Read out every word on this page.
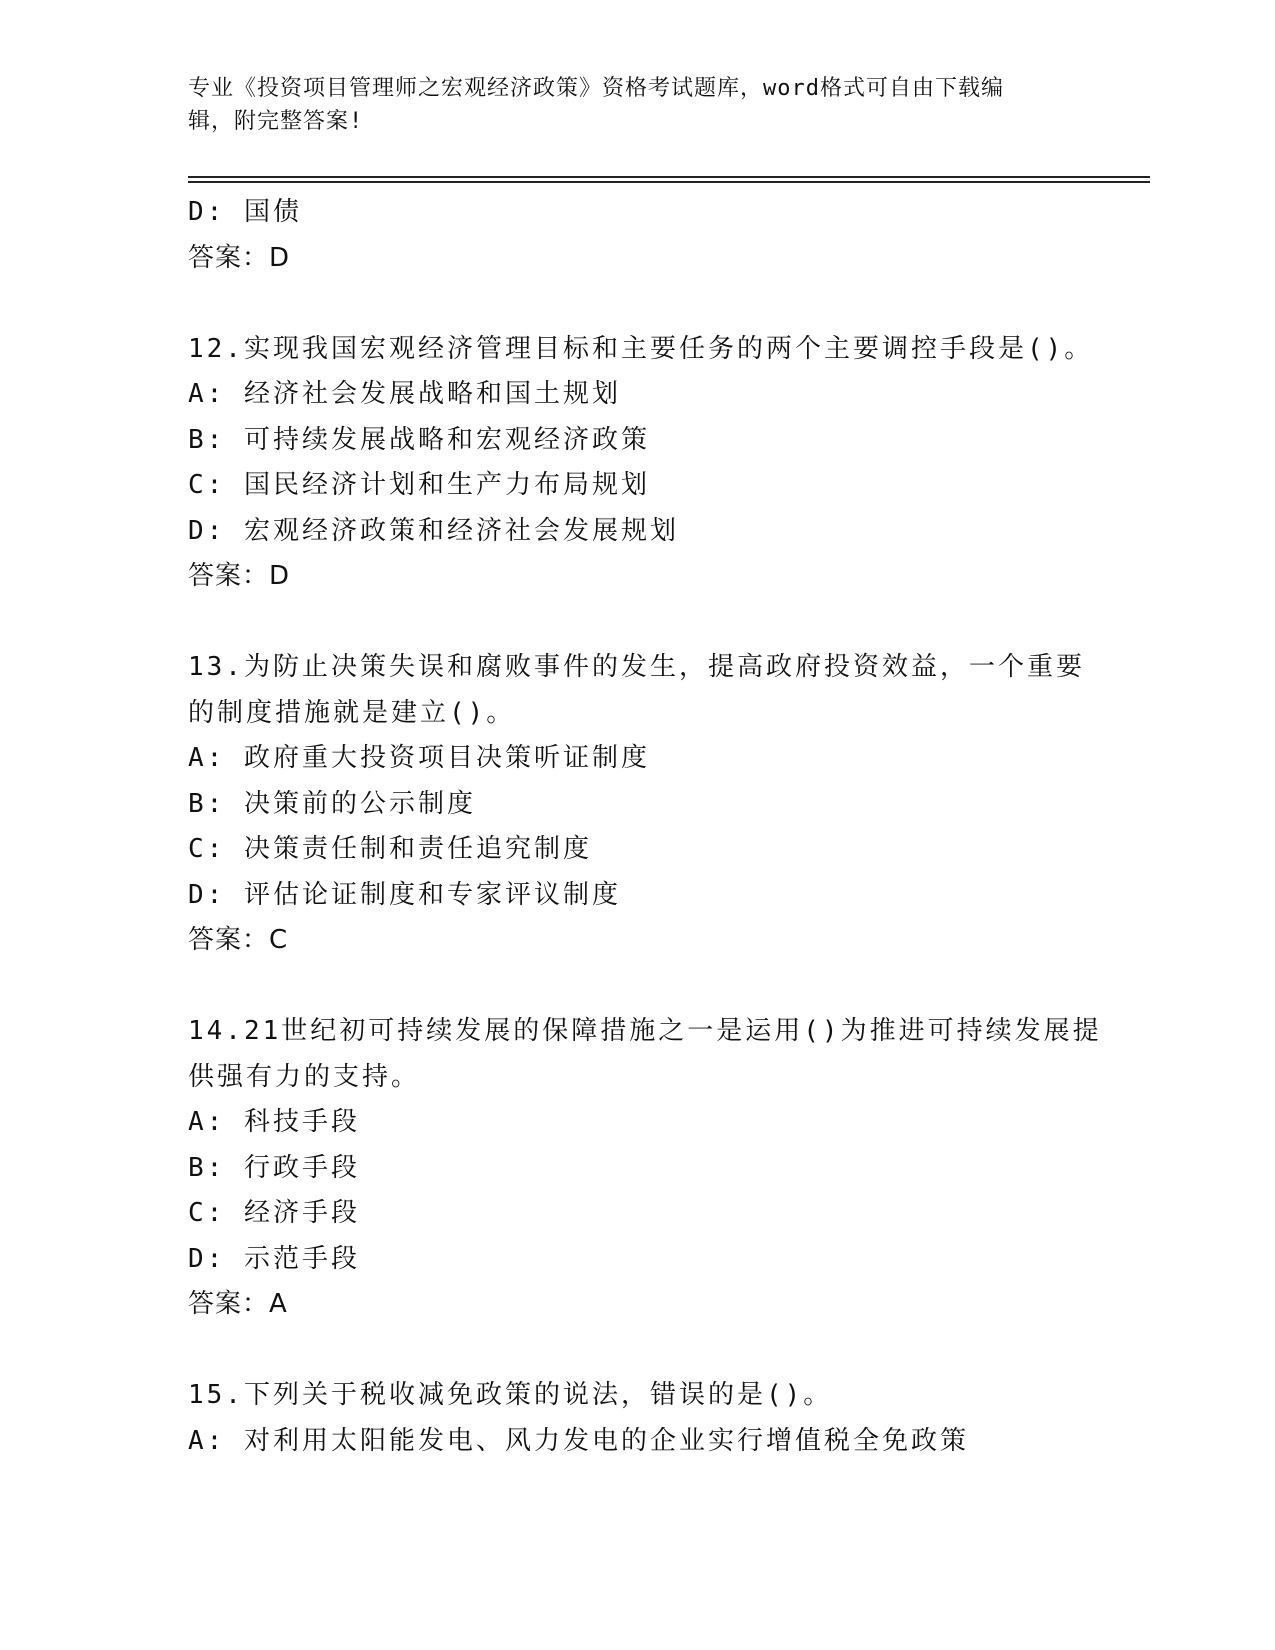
专业《投资项目管理师之宏观经济政策》资格考试题库，word格式可自由下载编
辑，附完整答案!
D: 国债
答案：D
12.实现我国宏观经济管理目标和主要任务的两个主要调控手段是()。
A: 经济社会发展战略和国土规划
B: 可持续发展战略和宏观经济政策
C: 国民经济计划和生产力布局规划
D: 宏观经济政策和经济社会发展规划
答案：D
13.为防止决策失误和腐败事件的发生，提高政府投资效益，一个重要
的制度措施就是建立()。
A: 政府重大投资项目决策听证制度
B: 决策前的公示制度
C: 决策责任制和责任追究制度
D: 评估论证制度和专家评议制度
答案：C
14.21世纪初可持续发展的保障措施之一是运用()为推进可持续发展提
供强有力的支持。
A: 科技手段
B: 行政手段
C: 经济手段
D: 示范手段
答案：A
15.下列关于税收减免政策的说法，错误的是()。
A: 对利用太阳能发电、风力发电的企业实行增值税全免政策
